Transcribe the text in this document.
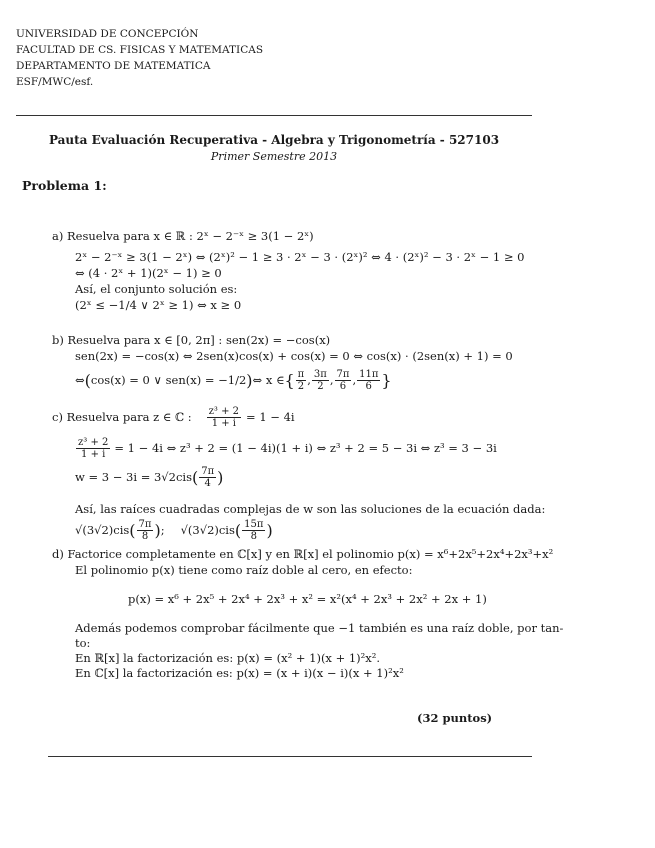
UNIVERSIDAD DE CONCEPCIÓN
FACULTAD DE CS. FISICAS Y MATEMATICAS
DEPARTAMENTO DE MATEMATICA
ESF/MWC/esf.
Pauta Evaluación Recuperativa - Algebra y Trigonometría - 527103
Primer Semestre 2013
Problema 1:
a) Resuelva para x ∈ ℝ : 2ˣ − 2⁻ˣ ≥ 3(1 − 2ˣ)
2ˣ − 2⁻ˣ ≥ 3(1 − 2ˣ) ⇔ (2ˣ)² − 1 ≥ 3 · 2ˣ − 3 · (2ˣ)² ⇔ 4 · (2ˣ)² − 3 · 2ˣ − 1 ≥ 0
⇔ (4 · 2ˣ + 1)(2ˣ − 1) ≥ 0
Así, el conjunto solución es:
(2ˣ ≤ −1/4 ∨ 2ˣ ≥ 1) ⇔ x ≥ 0
b) Resuelva para x ∈ [0, 2π] : sen(2x) = −cos(x)
sen(2x) = −cos(x) ⇔ 2sen(x)cos(x) + cos(x) = 0 ⇔ cos(x) · (2sen(x) + 1) = 0
⇔ ( cos(x) = 0 ∨ sen(x) = −1/2 ) ⇔ x ∈ { $\frac{\pi}{2}$ , $\frac{3\pi}{2}$ , $\frac{7\pi}{6}$ , $\frac{11\pi}{6}$ }
c) Resuelva para z ∈ ℂ : $\frac{\text{z³ + 2}}{1 + i} = 1 - 4i$
$\frac{\text{z³ + 2}}{1 + i} = 1 - 4i$ ⇔ z³ + 2 = (1 − 4i)(1 + i) ⇔ z³ + 2 = 5 − 3i ⇔ z³ = 3 − 3i
w = 3 − 3i = 3√2cis ( $\frac{7\pi}{4}$ )
Así, las raíces cuadradas complejas de w son las soluciones de la ecuación dada:
√(3√2)cis ( $\frac{7\pi}{8}$ ) ; √(3√2)cis ( $\frac{15\pi}{8}$ )
d) Factorice completamente en ℂ[x] y en ℝ[x] el polinomio p(x) = x⁶+2x⁵+2x⁴+2x³+x²
El polinomio p(x) tiene como raíz doble al cero, en efecto:
p(x) = x⁶ + 2x⁵ + 2x⁴ + 2x³ + x² = x²(x⁴ + 2x³ + 2x² + 2x + 1)
Además podemos comprobar fácilmente que −1 también es una raíz doble, por tan-
to:
En ℝ[x] la factorización es: p(x) = (x² + 1)(x + 1)²x².
En ℂ[x] la factorización es: p(x) = (x + i)(x − i)(x + 1)²x²
(32 puntos)
